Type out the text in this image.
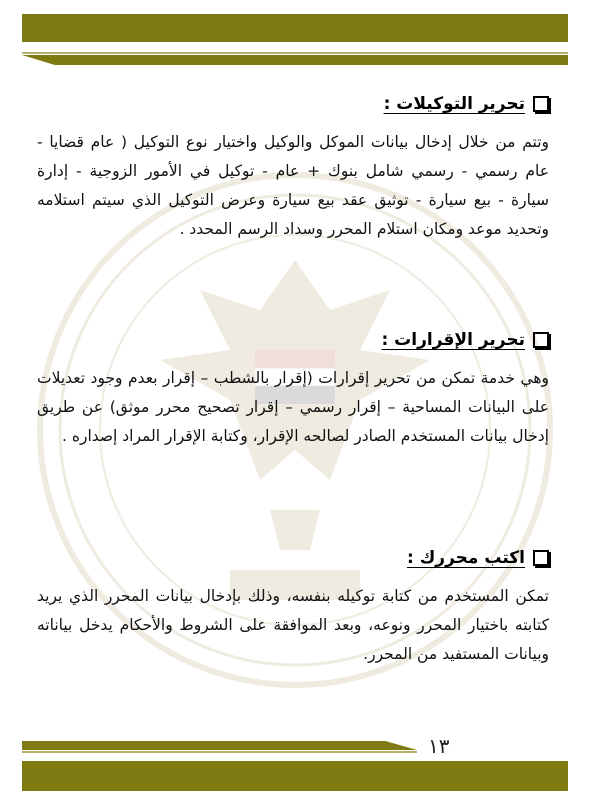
تحرير التوكيلات :
وتتم من خلال إدخال بيانات الموكل والوكيل واختيار نوع التوكيل ( عام قضايا - عام رسمي - رسمي شامل بنوك + عام - توكيل في الأمور الزوجية - إدارة سيارة - بيع سيارة - توثيق عقد بيع سيارة وعرض التوكيل الذي سيتم استلامه وتحديد موعد ومكان استلام المحرر وسداد الرسم المحدد .
تحرير الإقرارات :
وهي خدمة تمكن من تحرير إقرارات (إقرار بالشطب – إقرار بعدم وجود تعديلات على البيانات المساحية – إقرار رسمي – إقرار تصحيح محرر موثق) عن طريق إدخال بيانات المستخدم الصادر لصالحه الإقرار، وكتابة الإقرار المراد إصداره .
اكتب محررك :
تمكن المستخدم من كتابة توكيله بنفسه، وذلك بإدخال بيانات المحرر الذي يريد كتابته باختيار المحرر ونوعه، وبعد الموافقة على الشروط والأحكام يدخل بياناته وبيانات المستفيد من المحرر.
١٣
